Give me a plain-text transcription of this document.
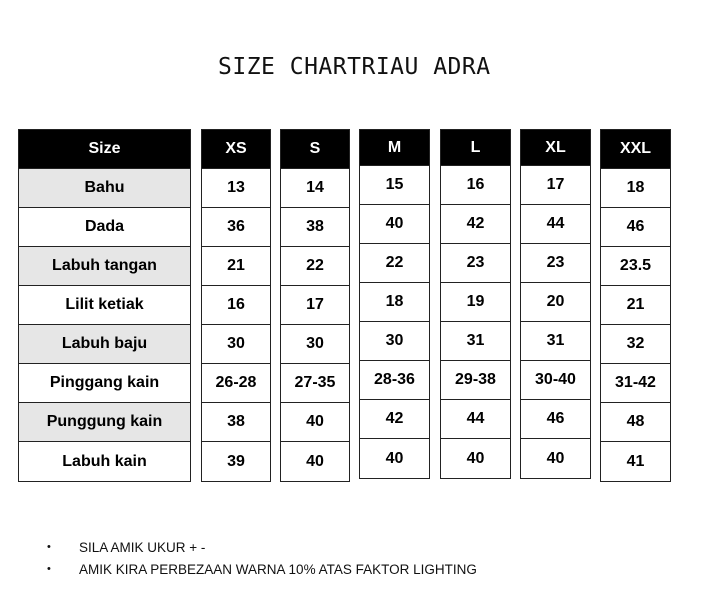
SIZE CHARTRIAU ADRA
Size
Bahu
Dada
Labuh tangan
Lilit ketiak
Labuh baju
Pinggang kain
Punggung kain
Labuh kain
XS
13
36
21
16
30
26-28
38
39
S
14
38
22
17
30
27-35
40
40
M
15
40
22
18
30
28-36
42
40
L
16
42
23
19
31
29-38
44
40
XL
17
44
23
20
31
30-40
46
40
XXL
18
46
23.5
21
32
31-42
48
41
•	SILA AMIK UKUR + -
•	AMIK KIRA PERBEZAAN WARNA 10% ATAS FAKTOR LIGHTING
